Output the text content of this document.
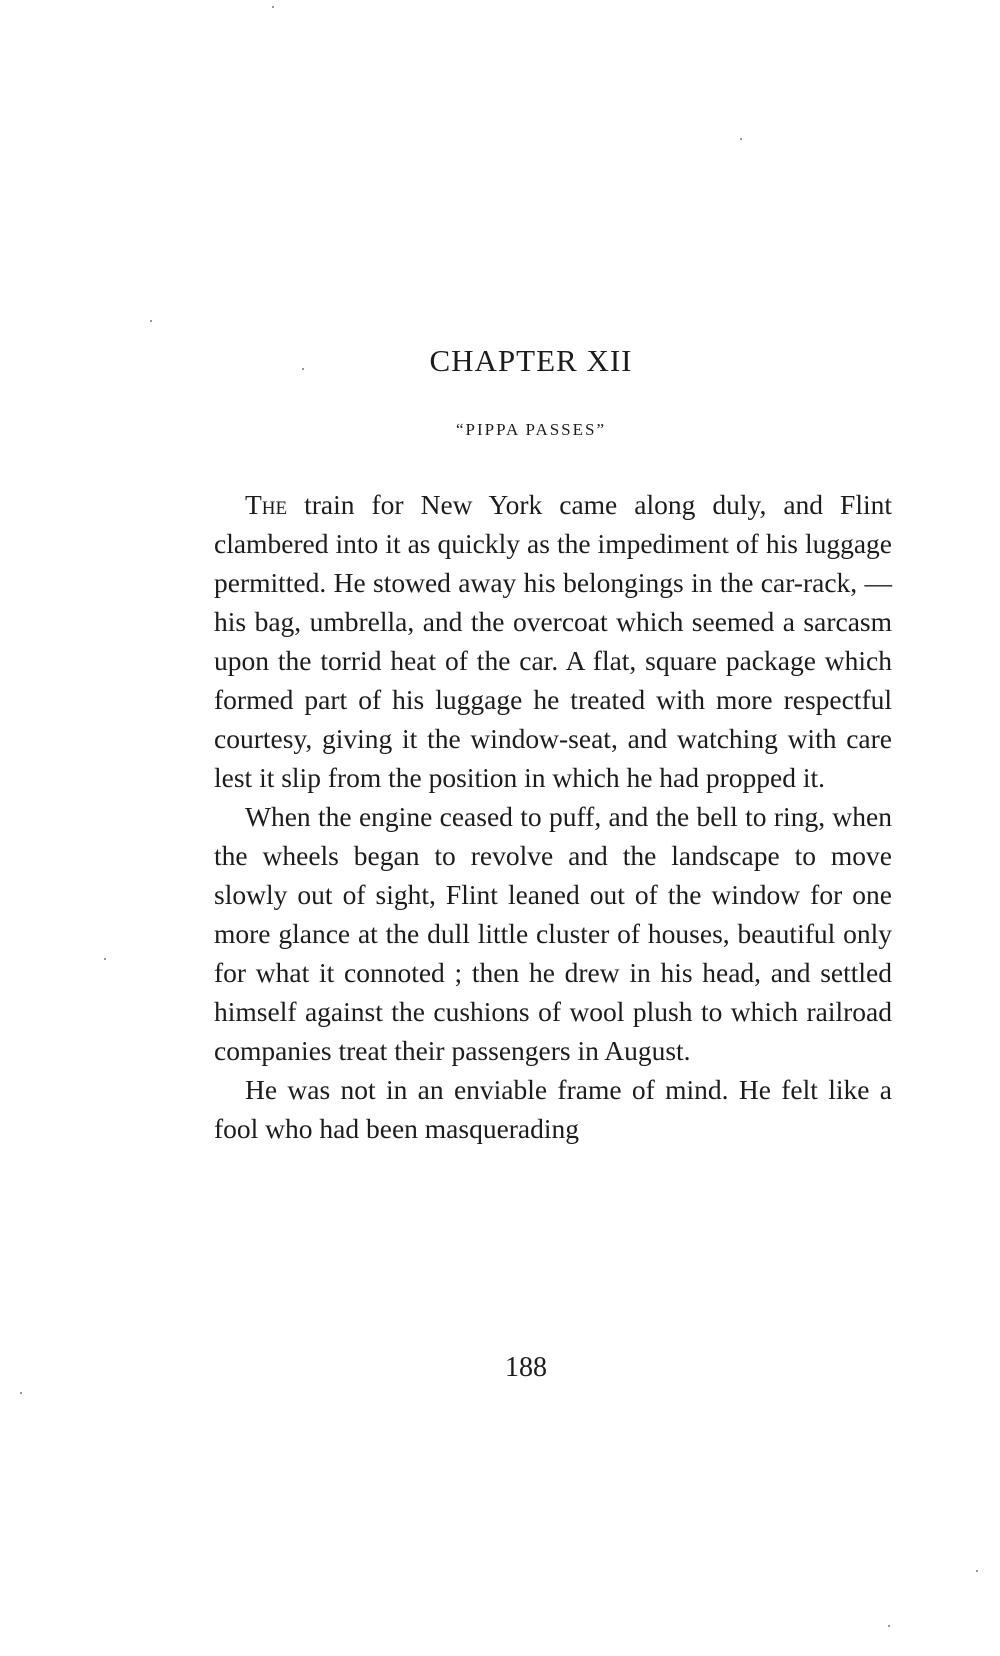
CHAPTER XII
“PIPPA PASSES”

The train for New York came along duly, and Flint clambered into it as quickly as the impediment of his luggage permitted. He stowed away his belongings in the car-rack, — his bag, umbrella, and the overcoat which seemed a sarcasm upon the torrid heat of the car. A flat, square package which formed part of his luggage he treated with more respectful courtesy, giving it the window-seat, and watching with care lest it slip from the position in which he had propped it.

When the engine ceased to puff, and the bell to ring, when the wheels began to revolve and the landscape to move slowly out of sight, Flint leaned out of the window for one more glance at the dull little cluster of houses, beautiful only for what it connoted ; then he drew in his head, and settled himself against the cushions of wool plush to which railroad companies treat their passengers in August.

He was not in an enviable frame of mind. He felt like a fool who had been masquerading

188
